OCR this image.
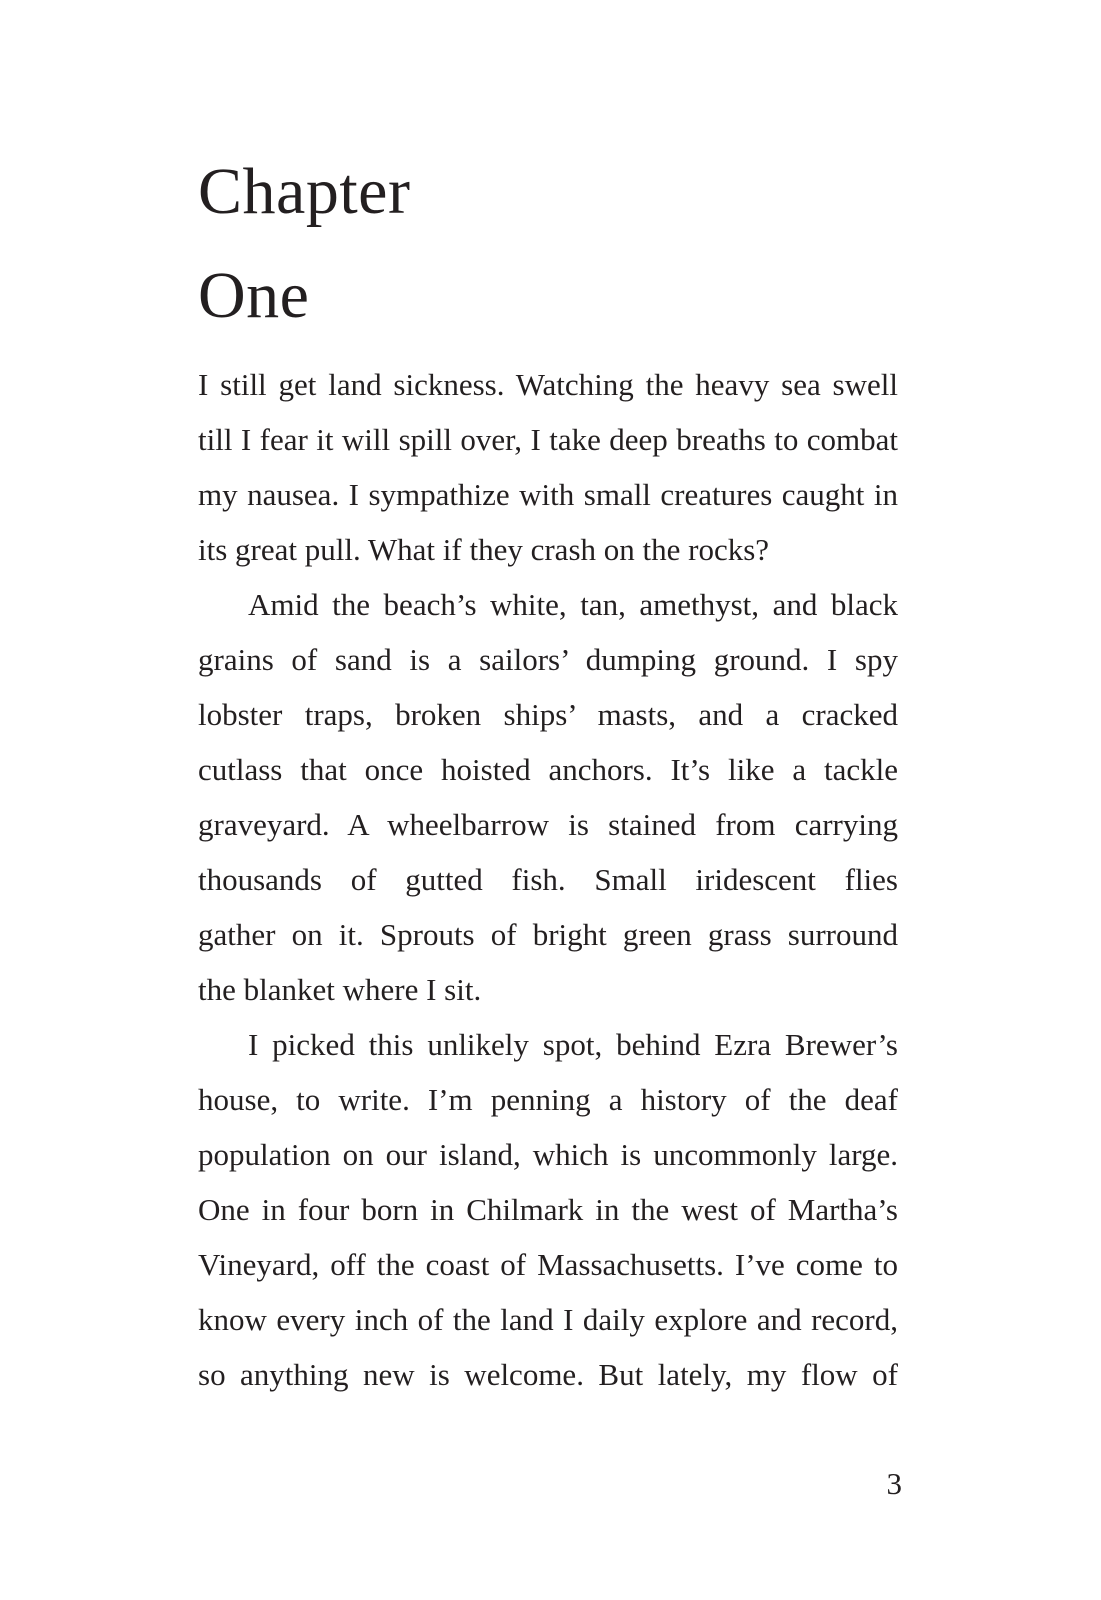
Chapter
One

I still get land sickness. Watching the heavy sea swell
till I fear it will spill over, I take deep breaths to combat
my nausea. I sympathize with small creatures caught in
its great pull. What if they crash on the rocks?

Amid the beach’s white, tan, amethyst, and black
grains of sand is a sailors’ dumping ground. I spy
lobster traps, broken ships’ masts, and a cracked
cutlass that once hoisted anchors. It’s like a tackle
graveyard. A wheelbarrow is stained from carrying
thousands of gutted fish. Small iridescent flies
gather on it. Sprouts of bright green grass surround
the blanket where I sit.

I picked this unlikely spot, behind Ezra Brewer’s
house, to write. I’m penning a history of the deaf
population on our island, which is uncommonly large.
One in four born in Chilmark in the west of Martha’s
Vineyard, off the coast of Massachusetts. I’ve come to
know every inch of the land I daily explore and record,
so anything new is welcome. But lately, my flow of

3
